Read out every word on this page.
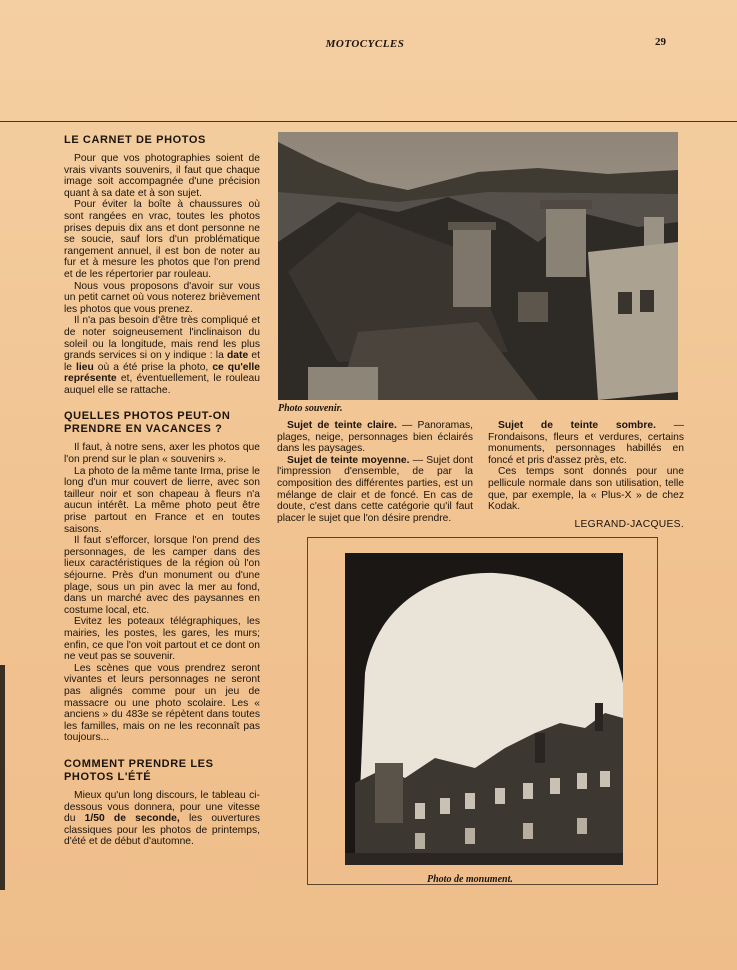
MOTOCYCLES	29
LE CARNET DE PHOTOS

Pour que vos photographies soient de vrais vivants souvenirs, il faut que chaque image soit accompagnée d'une précision quant à sa date et à son sujet.

Pour éviter la boîte à chaussures où sont rangées en vrac, toutes les photos prises depuis dix ans et dont personne ne se soucie, sauf lors d'un problématique rangement annuel, il est bon de noter au fur et à mesure les photos que l'on prend et de les répertorier par rouleau.

Nous vous proposons d'avoir sur vous un petit carnet où vous noterez brièvement les photos que vous prenez.

Il n'a pas besoin d'être très compliqué et de noter soigneusement l'inclinaison du soleil ou la longitude, mais rend les plus grands services si on y indique : la date et le lieu où a été prise la photo, ce qu'elle représente et, éventuellement, le rouleau auquel elle se rattache.

QUELLES PHOTOS PEUT-ON PRENDRE EN VACANCES ?

Il faut, à notre sens, axer les photos que l'on prend sur le plan « souvenirs ».

La photo de la même tante Irma, prise le long d'un mur couvert de lierre, avec son tailleur noir et son chapeau à fleurs n'a aucun intérêt. La même photo peut être prise partout en France et en toutes saisons.

Il faut s'efforcer, lorsque l'on prend des personnages, de les camper dans des lieux caractéristiques de la région où l'on séjourne. Près d'un monument ou d'une plage, sous un pin avec la mer au fond, dans un marché avec des paysannes en costume local, etc.

Evitez les poteaux télégraphiques, les mairies, les postes, les gares, les murs; enfin, ce que l'on voit partout et ce dont on ne veut pas se souvenir.

Les scènes que vous prendrez seront vivantes et leurs personnages ne seront pas alignés comme pour un jeu de massacre ou une photo scolaire. Les « anciens » du 483e se répètent dans toutes les familles, mais on ne les reconnaît pas toujours...

COMMENT PRENDRE LES PHOTOS L'ÉTÉ

Mieux qu'un long discours, le tableau ci-dessous vous donnera, pour une vitesse du 1/50 de seconde, les ouvertures classiques pour les photos de printemps, d'été et de début d'automne.

Photo souvenir.

Sujet de teinte claire. — Panoramas, plages, neige, personnages bien éclairés dans les paysages.

Sujet de teinte moyenne. — Sujet dont l'impression d'ensemble, de par la composition des différentes parties, est un mélange de clair et de foncé. En cas de doute, c'est dans cette catégorie qu'il faut placer le sujet que l'on désire prendre.

Sujet de teinte sombre. — Frondaisons, fleurs et verdures, certains monuments, personnages habillés en foncé et pris d'assez près, etc.

Ces temps sont donnés pour une pellicule normale dans son utilisation, telle que, par exemple, la « Plus-X » de chez Kodak.

LEGRAND-JACQUES.
Photo de monument.
